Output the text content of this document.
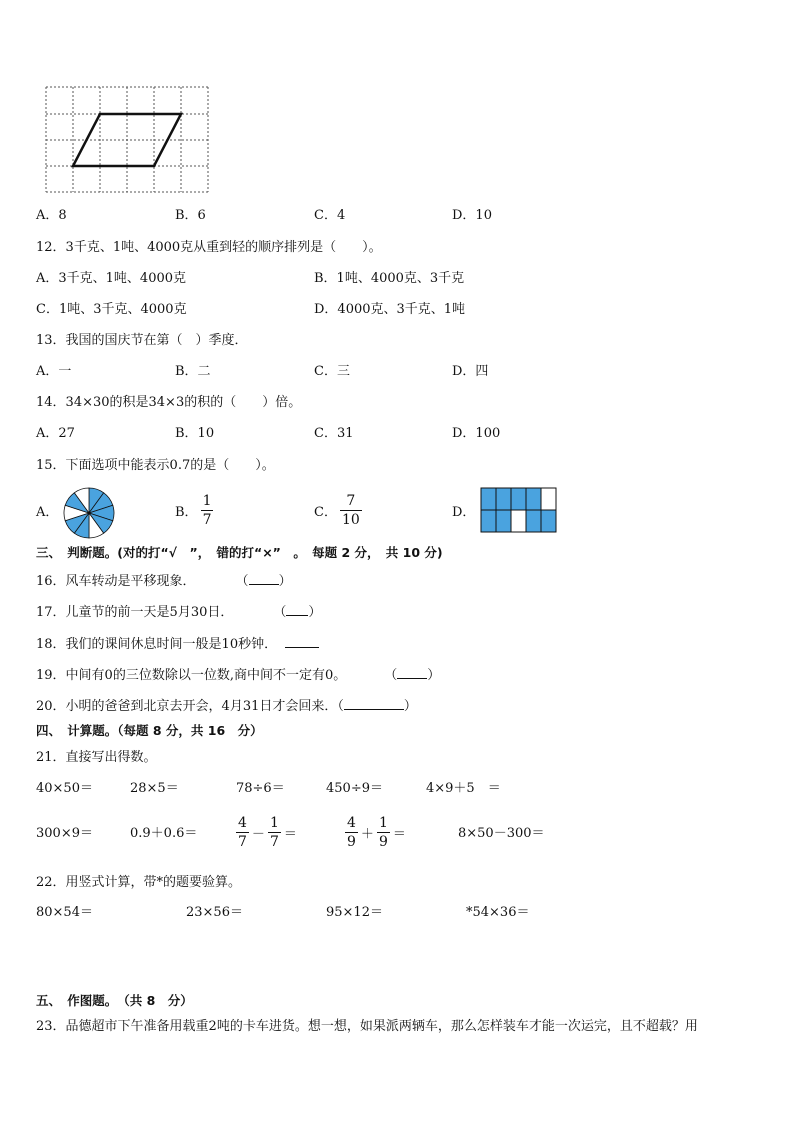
A．8	B．6	C．4	D．10
12．3千克、1吨、4000克从重到轻的顺序排列是（　　）。
A．3千克、1吨、4000克	B．1吨、4000克、3千克
C．1吨、3千克、4000克	D．4000克、3千克、1吨
13．我国的国庆节在第（　）季度．
A．一	B．二	C．三	D．四
14．34×30的积是34×3的积的（　　）倍。
A．27	B．10	C．31	D．100
15．下面选项中能表示0.7的是（　　）。
A．	B． $\frac{1}{7}$	C． $\frac{7}{10}$	D．
三、　判断题。(对的打“√　”，　错的打“×”　。　每题 2 分，　共 10 分)
16．风车转动是平移现象．	（ ）
17．儿童节的前一天是5月30日．	（ ）
18．我们的课间休息时间一般是10秒钟．
19．中间有0的三位数除以一位数,商中间不一定有0。	（ ）
20．小明的爸爸到北京去开会，4月31日才会回来．（	）
四、　计算题。（每题 8 分，共 16　分）
21．直接写出得数。
40×50＝	28×5＝	78÷6＝	450÷9＝	4×9＋5　＝
300×9＝	0.9＋0.6＝	$\frac{4}{7} - \frac{1}{7}$ ＝	$\frac{4}{9} + \frac{1}{9}$ ＝	8×50－300＝
22．用竖式计算，带*的题要验算。
80×54＝	23×56＝	95×12＝	*54×36＝
五、　作图题。　（共 8　分）
23．品德超市下午准备用载重2吨的卡车进货。想一想，如果派两辆车，那么怎样装车才能一次运完，且不超载？用
